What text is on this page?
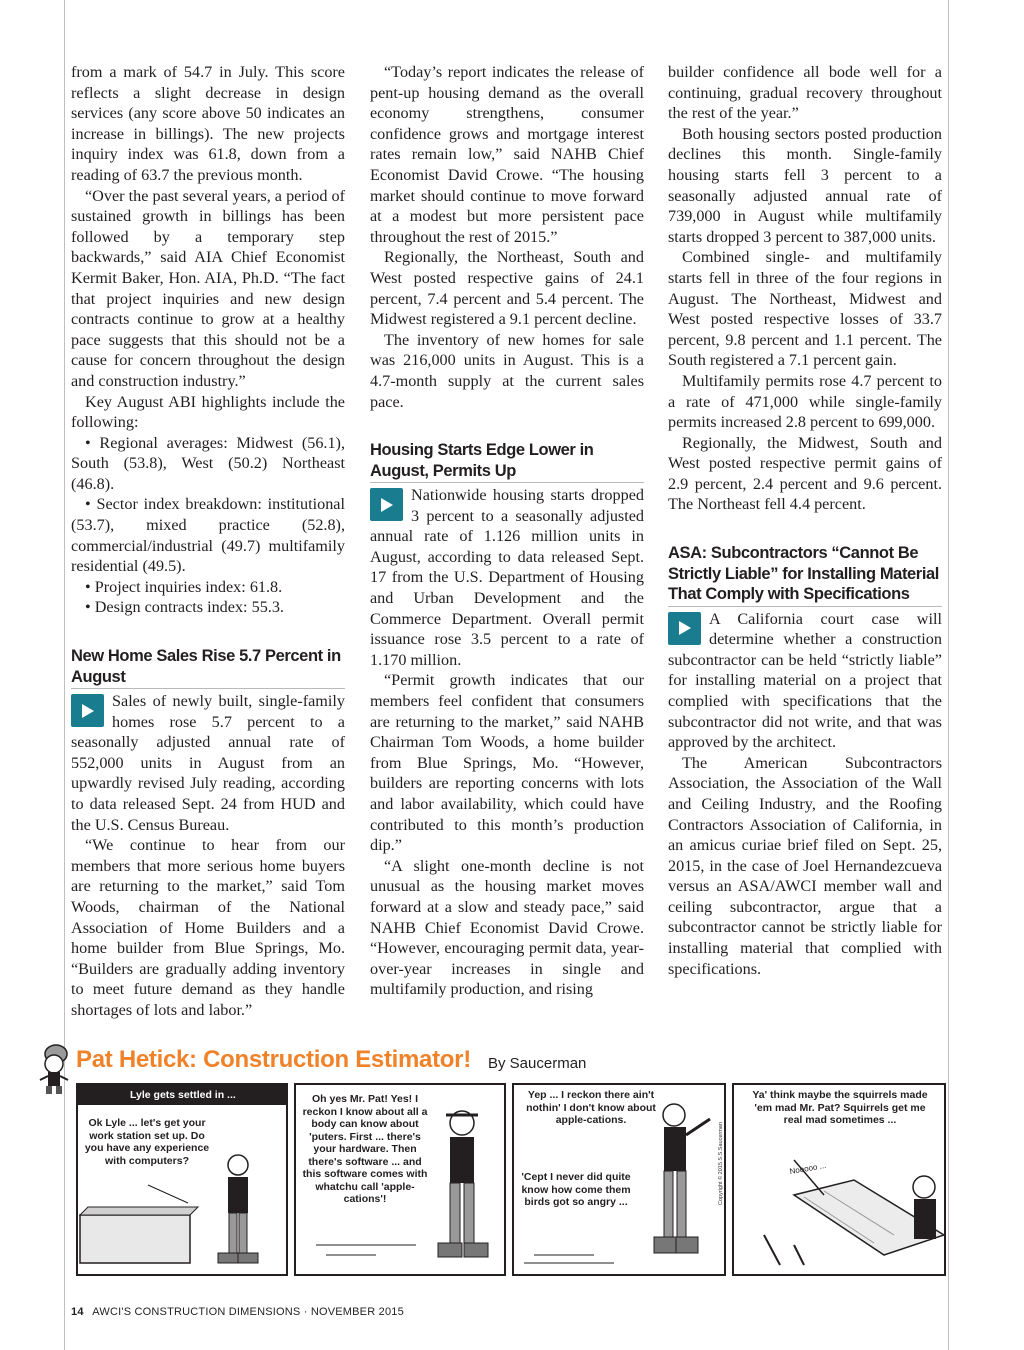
from a mark of 54.7 in July. This score reflects a slight decrease in design services (any score above 50 indicates an increase in billings). The new projects inquiry index was 61.8, down from a reading of 63.7 the previous month.

“Over the past several years, a period of sustained growth in billings has been followed by a temporary step backwards,” said AIA Chief Economist Kermit Baker, Hon. AIA, Ph.D. “The fact that project inquiries and new design contracts continue to grow at a healthy pace suggests that this should not be a cause for concern throughout the design and construction industry.”

Key August ABI highlights include the following:

• Regional averages: Midwest (56.1), South (53.8), West (50.2) Northeast (46.8).

• Sector index breakdown: institutional (53.7), mixed practice (52.8), commercial/industrial (49.7) multifamily residential (49.5).

• Project inquiries index: 61.8.

• Design contracts index: 55.3.

New Home Sales Rise 5.7 Percent in August

Sales of newly built, single-family homes rose 5.7 percent to a seasonally adjusted annual rate of 552,000 units in August from an upwardly revised July reading, according to data released Sept. 24 from HUD and the U.S. Census Bureau.

“We continue to hear from our members that more serious home buyers are returning to the market,” said Tom Woods, chairman of the National Association of Home Builders and a home builder from Blue Springs, Mo. “Builders are gradually adding inventory to meet future demand as they handle shortages of lots and labor.”

“Today’s report indicates the release of pent-up housing demand as the overall economy strengthens, consumer confidence grows and mortgage interest rates remain low,” said NAHB Chief Economist David Crowe. “The housing market should continue to move forward at a modest but more persistent pace throughout the rest of 2015.”

Regionally, the Northeast, South and West posted respective gains of 24.1 percent, 7.4 percent and 5.4 percent. The Midwest registered a 9.1 percent decline.

The inventory of new homes for sale was 216,000 units in August. This is a 4.7-month supply at the current sales pace.

Housing Starts Edge Lower in August, Permits Up

Nationwide housing starts dropped 3 percent to a seasonally adjusted annual rate of 1.126 million units in August, according to data released Sept. 17 from the U.S. Department of Housing and Urban Development and the Commerce Department. Overall permit issuance rose 3.5 percent to a rate of 1.170 million.

“Permit growth indicates that our members feel confident that consumers are returning to the market,” said NAHB Chairman Tom Woods, a home builder from Blue Springs, Mo. “However, builders are reporting concerns with lots and labor availability, which could have contributed to this month’s production dip.”

“A slight one-month decline is not unusual as the housing market moves forward at a slow and steady pace,” said NAHB Chief Economist David Crowe. “However, encouraging permit data, year-over-year increases in single and multifamily production, and rising

builder confidence all bode well for a continuing, gradual recovery throughout the rest of the year.”

Both housing sectors posted production declines this month. Single-family housing starts fell 3 percent to a seasonally adjusted annual rate of 739,000 in August while multifamily starts dropped 3 percent to 387,000 units.

Combined single- and multifamily starts fell in three of the four regions in August. The Northeast, Midwest and West posted respective losses of 33.7 percent, 9.8 percent and 1.1 percent. The South registered a 7.1 percent gain.

Multifamily permits rose 4.7 percent to a rate of 471,000 while single-family permits increased 2.8 percent to 699,000.

Regionally, the Midwest, South and West posted respective permit gains of 2.9 percent, 2.4 percent and 9.6 percent. The Northeast fell 4.4 percent.

ASA: Subcontractors “Cannot Be Strictly Liable” for Installing Material That Comply with Specifications

A California court case will determine whether a construction subcontractor can be held “strictly liable” for installing material on a project that complied with specifications that the subcontractor did not write, and that was approved by the architect.

The American Subcontractors Association, the Association of the Wall and Ceiling Industry, and the Roofing Contractors Association of California, in an amicus curiae brief filed on Sept. 25, 2015, in the case of Joel Hernandezcueva versus an ASA/AWCI member wall and ceiling subcontractor, argue that a subcontractor cannot be strictly liable for installing material that complied with specifications.

Pat Hetick: Construction Estimator! By Saucerman
Lyle gets settled in ...
Ok Lyle ... let's get your work station set up. Do you have any experience with computers?
Oh yes Mr. Pat! Yes! I reckon I know about all a body can know about 'puters. First ... there's your hardware. Then there's software ... and this software comes with whatchu call 'apple-cations'!
Yep ... I reckon there ain't nothin' I don't know about apple-cations.
'Cept I never did quite know how come them birds got so angry ...	Copyright © 2015 S.S.Saucerman
Ya' think maybe the squirrels made 'em mad Mr. Pat? Squirrels get me real mad sometimes ...
Nooooo ...
14 AWCI'S CONSTRUCTION DIMENSIONS · NOVEMBER 2015
